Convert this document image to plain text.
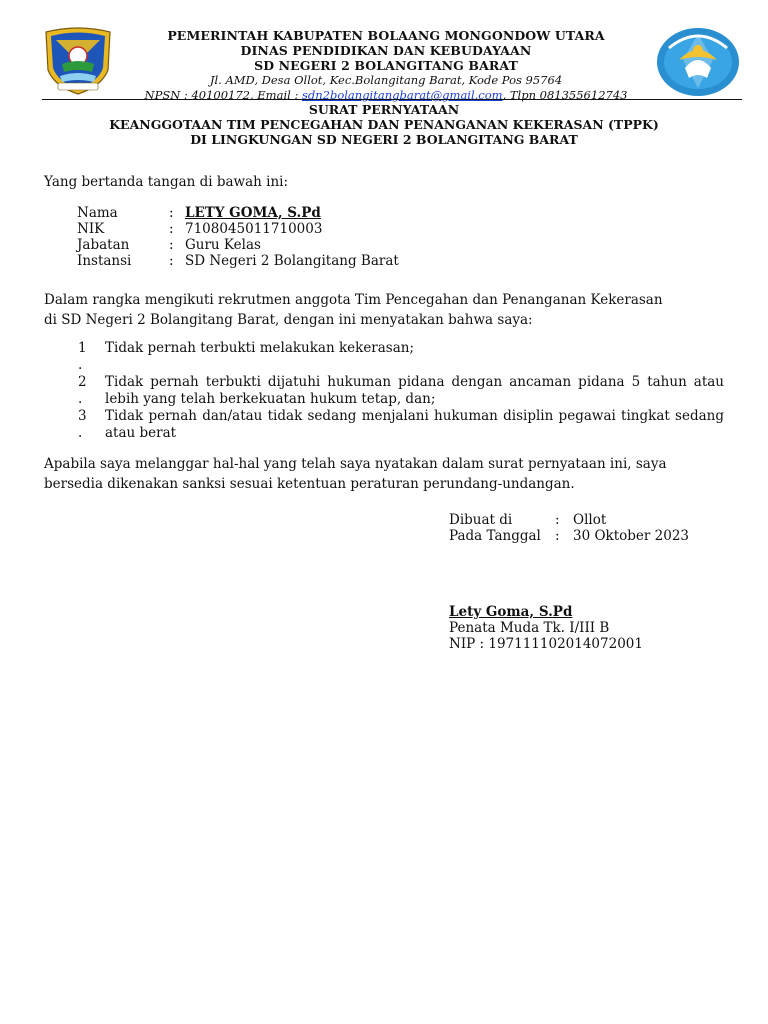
PEMERINTAH KABUPATEN BOLAANG MONGONDOW UTARA
DINAS PENDIDIKAN DAN KEBUDAYAAN
SD NEGERI 2 BOLANGITANG BARAT
Jl. AMD, Desa Ollot, Kec.Bolangitang Barat, Kode Pos 95764
NPSN : 40100172, Email : sdn2bolangitangbarat@gmail.com, Tlpn 081355612743
SURAT PERNYATAAN
KEANGGOTAAN TIM PENCEGAHAN DAN PENANGANAN KEKERASAN (TPPK)
DI LINGKUNGAN SD NEGERI 2 BOLANGITANG BARAT
Yang bertanda tangan di bawah ini:
Nama	:	LETY GOMA, S.Pd
NIK	:	7108045011710003
Jabatan	:	Guru Kelas
Instansi	:	SD Negeri 2 Bolangitang Barat
Dalam rangka mengikuti rekrutmen anggota Tim Pencegahan dan Penanganan Kekerasan
di SD Negeri 2 Bolangitang Barat, dengan ini menyatakan bahwa saya:
1
.
Tidak pernah terbukti melakukan kekerasan;
2
.
Tidak pernah terbukti dijatuhi hukuman pidana dengan ancaman pidana 5 tahun atau lebih yang telah berkekuatan hukum tetap, dan;
3
.
Tidak pernah dan/atau tidak sedang menjalani hukuman disiplin pegawai tingkat sedang atau berat
Apabila saya melanggar hal-hal yang telah saya nyatakan dalam surat pernyataan ini, saya
bersedia dikenakan sanksi sesuai ketentuan peraturan perundang-undangan.
Dibuat di	:	Ollot
Pada Tanggal	:	30 Oktober 2023
Lety Goma, S.Pd
Penata Muda Tk. I/III B
NIP : 197111102014072001
